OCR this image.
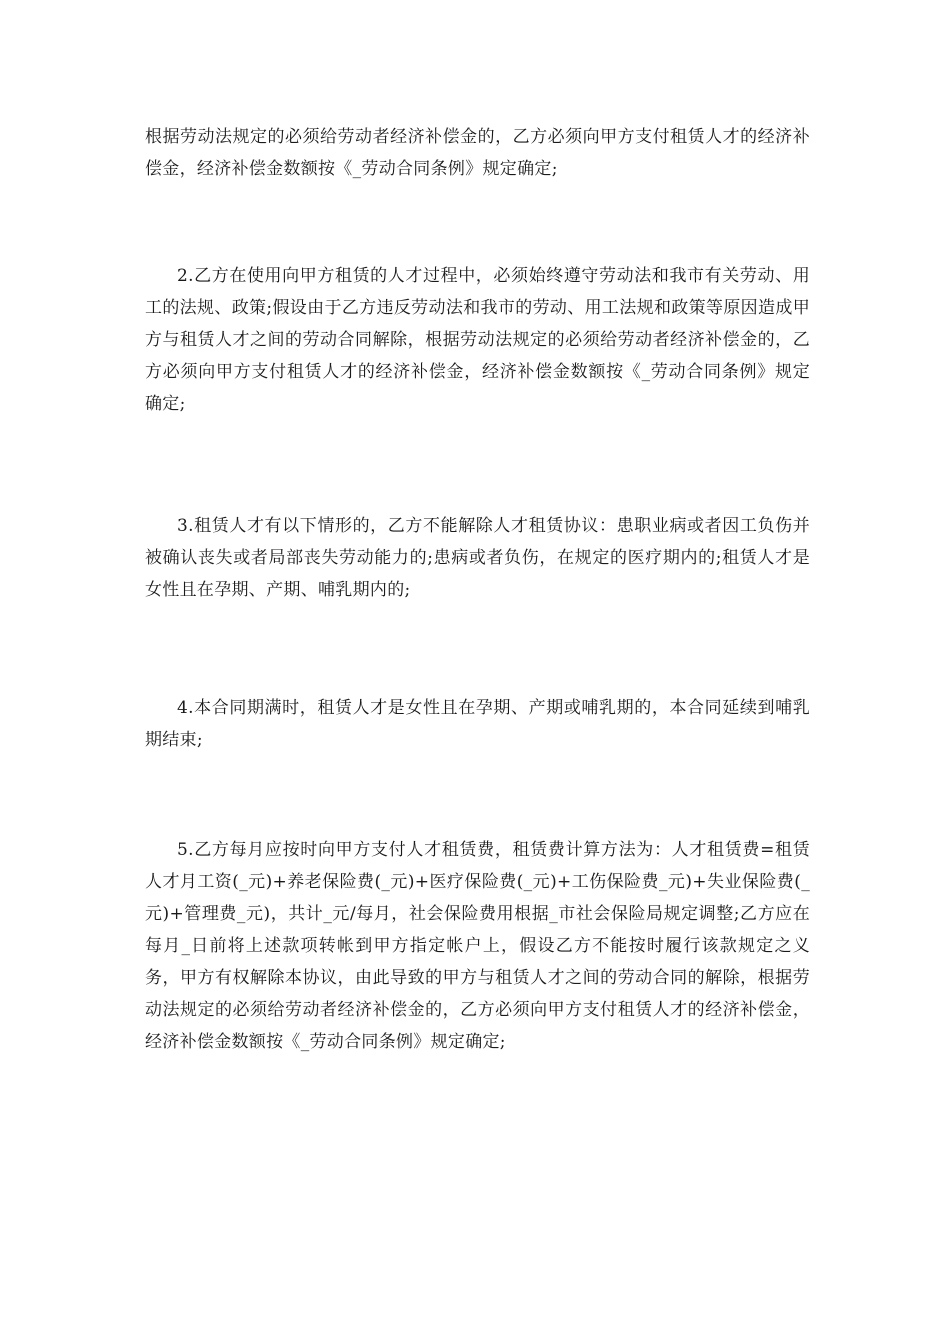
根据劳动法规定的必须给劳动者经济补偿金的，乙方必须向甲方支付租赁人才的经济补偿金，经济补偿金数额按《_劳动合同条例》规定确定;

2.乙方在使用向甲方租赁的人才过程中，必须始终遵守劳动法和我市有关劳动、用工的法规、政策;假设由于乙方违反劳动法和我市的劳动、用工法规和政策等原因造成甲方与租赁人才之间的劳动合同解除，根据劳动法规定的必须给劳动者经济补偿金的，乙方必须向甲方支付租赁人才的经济补偿金，经济补偿金数额按《_劳动合同条例》规定确定;

3.租赁人才有以下情形的，乙方不能解除人才租赁协议：患职业病或者因工负伤并被确认丧失或者局部丧失劳动能力的;患病或者负伤，在规定的医疗期内的;租赁人才是女性且在孕期、产期、哺乳期内的;

4.本合同期满时，租赁人才是女性且在孕期、产期或哺乳期的，本合同延续到哺乳期结束;

5.乙方每月应按时向甲方支付人才租赁费，租赁费计算方法为：人才租赁费=租赁人才月工资(_元)+养老保险费(_元)+医疗保险费(_元)+工伤保险费_元)+失业保险费(_元)+管理费_元)，共计_元/每月，社会保险费用根据_市社会保险局规定调整;乙方应在每月_日前将上述款项转帐到甲方指定帐户上，假设乙方不能按时履行该款规定之义务，甲方有权解除本协议，由此导致的甲方与租赁人才之间的劳动合同的解除，根据劳动法规定的必须给劳动者经济补偿金的，乙方必须向甲方支付租赁人才的经济补偿金，经济补偿金数额按《_劳动合同条例》规定确定;
